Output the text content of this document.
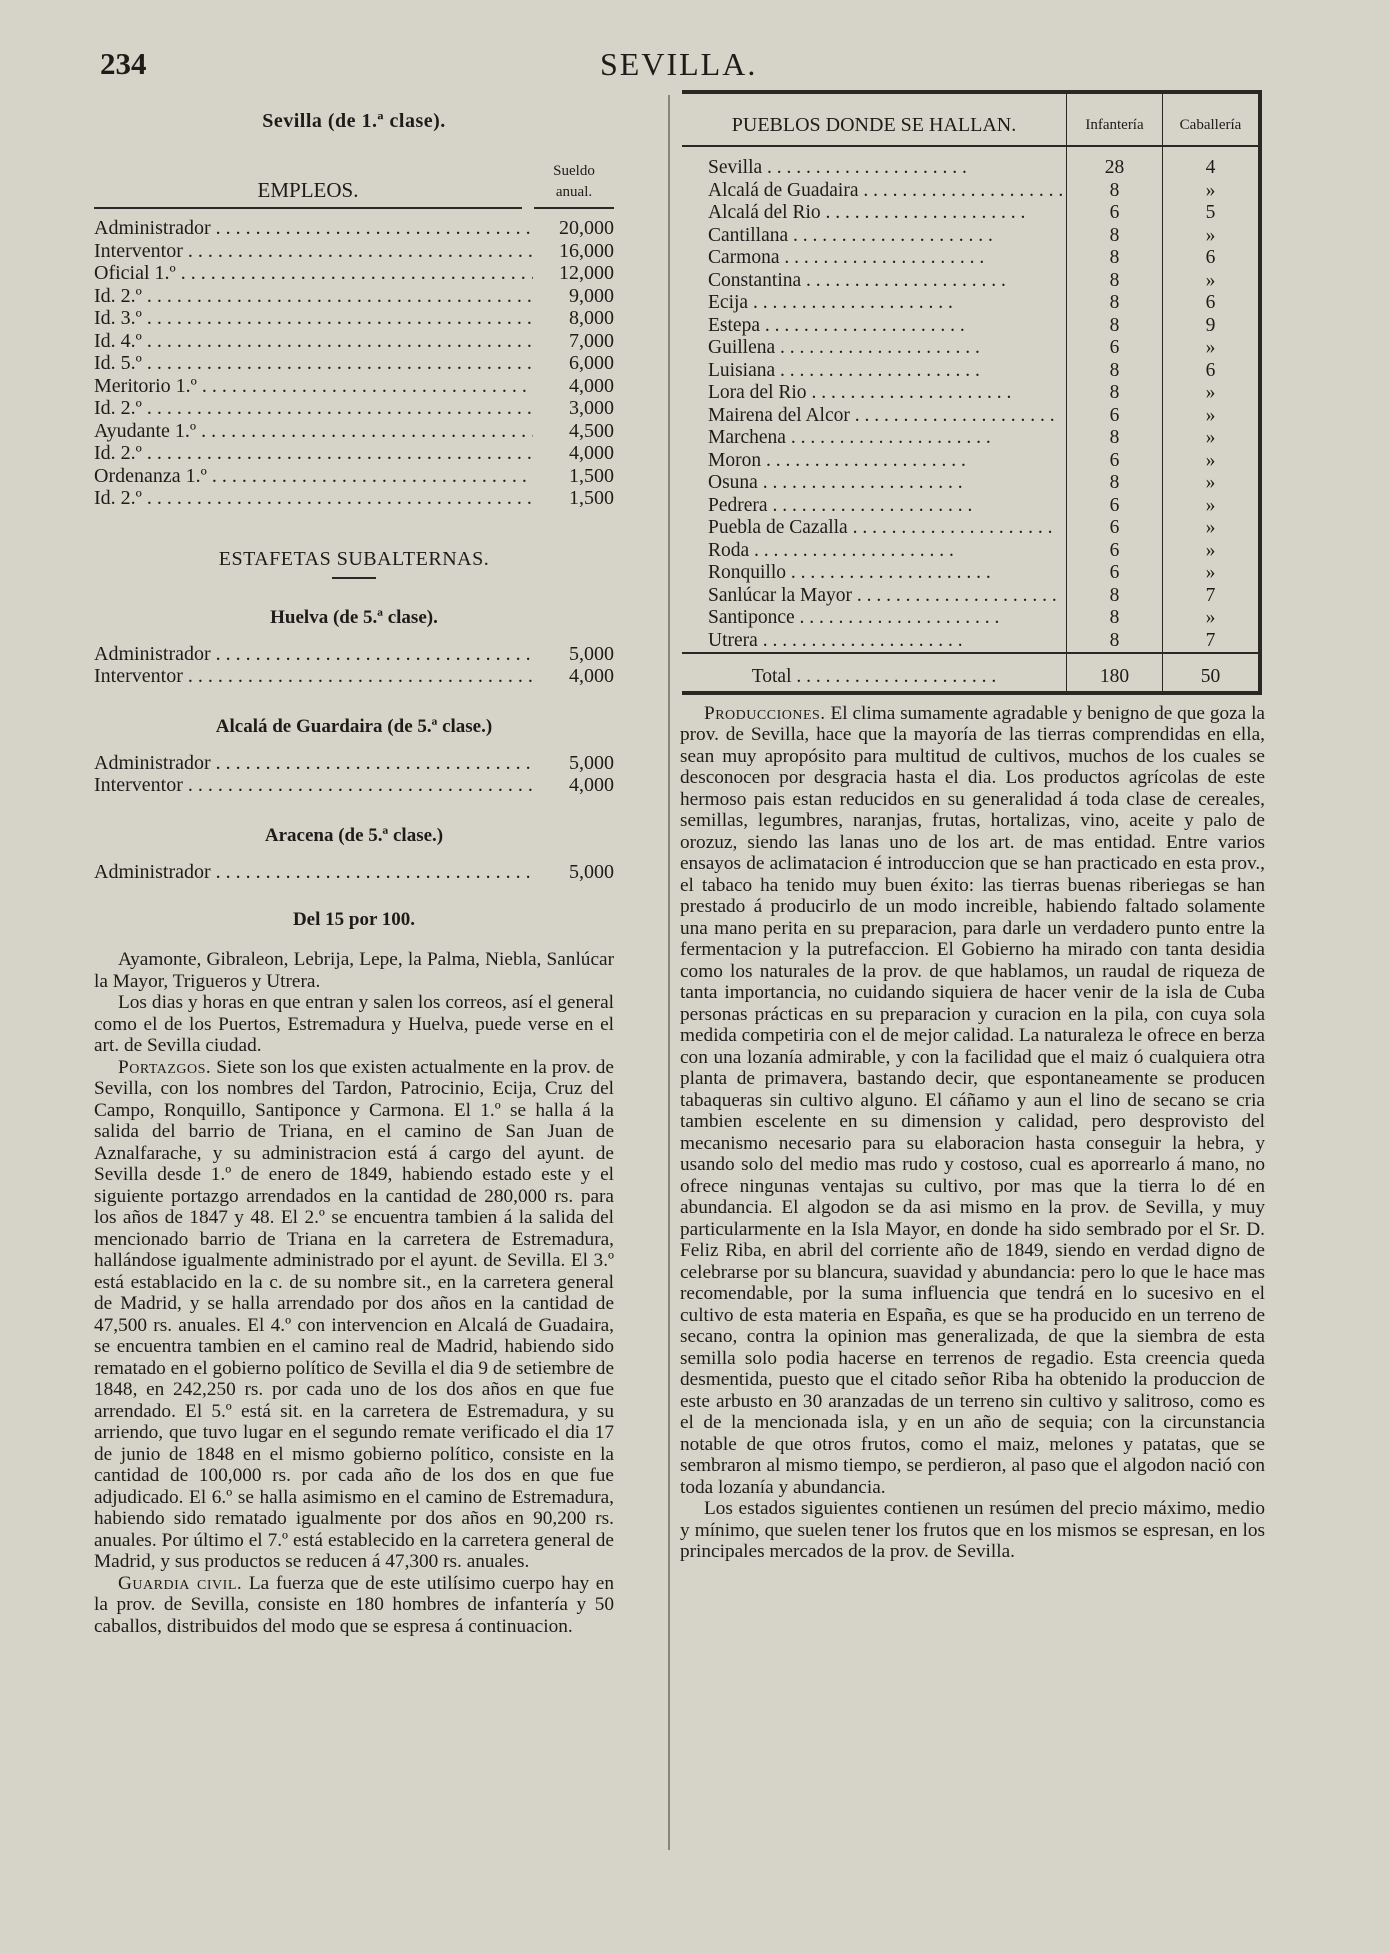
234	SEVILLA.

Sevilla (de 1.ª clase).

EMPLEOS.
Sueldo anual.
Administrador . . .	20,000
Interventor . . .	16,000
Oficial 1.º . . .	12,000
Id. 2.º . . .	9,000
Id. 3.º . . .	8,000
Id. 4.º . . .	7,000
Id. 5.º . . .	6,000
Meritorio 1.º . . .	4,000
Id. 2.º . . .	3,000
Ayudante 1.º . . .	4,500
Id. 2.º . . .	4,000
Ordenanza 1.º . . .	1,500
Id. 2.º . . .	1,500
ESTAFETAS SUBALTERNAS.

Huelva (de 5.ª clase).

Administrador . . .	5,000
Interventor . . .	4,000

Alcalá de Guardaira (de 5.ª clase.)

Administrador . . .	5,000
Interventor . . .	4,000

Aracena (de 5.ª clase.)

Administrador . . .	5,000

Del 15 por 100.

Ayamonte, Gibraleon, Lebrija, Lepe, la Palma, Niebla, Sanlúcar la Mayor, Trigueros y Utrera.

Los dias y horas en que entran y salen los correos, así el general como el de los Puertos, Estremadura y Huelva, puede verse en el art. de Sevilla ciudad.

Portazgos. Siete son los que existen actualmente en la prov. de Sevilla, con los nombres del Tardon, Patrocinio, Ecija, Cruz del Campo, Ronquillo, Santiponce y Carmona. El 1.º se halla á la salida del barrio de Triana, en el camino de San Juan de Aznalfarache, y su administracion está á cargo del ayunt. de Sevilla desde 1.º de enero de 1849, habiendo estado este y el siguiente portazgo arrendados en la cantidad de 280,000 rs. para los años de 1847 y 48. El 2.º se encuentra tambien á la salida del mencionado barrio de Triana en la carretera de Estremadura, hallándose igualmente administrado por el ayunt. de Sevilla. El 3.º está establacido en la c. de su nombre sit., en la carretera general de Madrid, y se halla arrendado por dos años en la cantidad de 47,500 rs. anuales. El 4.º con intervencion en Alcalá de Guadaira, se encuentra tambien en el camino real de Madrid, habiendo sido rematado en el gobierno político de Sevilla el dia 9 de setiembre de 1848, en 242,250 rs. por cada uno de los dos años en que fue arrendado. El 5.º está sit. en la carretera de Estremadura, y su arriendo, que tuvo lugar en el segundo remate verificado el dia 17 de junio de 1848 en el mismo gobierno político, consiste en la cantidad de 100,000 rs. por cada año de los dos en que fue adjudicado. El 6.º se halla asimismo en el camino de Estremadura, habiendo sido rematado igualmente por dos años en 90,200 rs. anuales. Por último el 7.º está establecido en la carretera general de Madrid, y sus productos se reducen á 47,300 rs. anuales.

Guardia civil. La fuerza que de este utilísimo cuerpo hay en la prov. de Sevilla, consiste en 180 hombres de infantería y 50 caballos, distribuidos del modo que se espresa á continuacion.

PUEBLOS DONDE SE HALLAN.	Infantería	Caballería
Sevilla . . .	28	4
Alcalá de Guadaira . . .	8	»
Alcalá del Rio . . .	6	5
Cantillana . . .	8	»
Carmona . . .	8	6
Constantina . . .	8	»
Ecija . . .	8	6
Estepa . . .	8	9
Guillena . . .	6	»
Luisiana . . .	8	6
Lora del Rio . . .	8	»
Mairena del Alcor . . .	6	»
Marchena . . .	8	»
Moron . . .	6	»
Osuna . . .	8	»
Pedrera . . .	6	»
Puebla de Cazalla . . .	6	»
Roda . . .	6	»
Ronquillo . . .	6	»
Sanlúcar la Mayor . . .	8	7
Santiponce . . .	8	»
Utrera . . .	8	7
Total . . .	180	50

Producciones. El clima sumamente agradable y benigno de que goza la prov. de Sevilla, hace que la mayoría de las tierras comprendidas en ella, sean muy apropósito para multitud de cultivos, muchos de los cuales se desconocen por desgracia hasta el dia. Los productos agrícolas de este hermoso pais estan reducidos en su generalidad á toda clase de cereales, semillas, legumbres, naranjas, frutas, hortalizas, vino, aceite y palo de orozuz, siendo las lanas uno de los art. de mas entidad. Entre varios ensayos de aclimatacion é introduccion que se han practicado en esta prov., el tabaco ha tenido muy buen éxito: las tierras buenas riberiegas se han prestado á producirlo de un modo increible, habiendo faltado solamente una mano perita en su preparacion, para darle un verdadero punto entre la fermentacion y la putrefaccion. El Gobierno ha mirado con tanta desidia como los naturales de la prov. de que hablamos, un raudal de riqueza de tanta importancia, no cuidando siquiera de hacer venir de la isla de Cuba personas prácticas en su preparacion y curacion en la pila, con cuya sola medida competiria con el de mejor calidad. La naturaleza le ofrece en berza con una lozanía admirable, y con la facilidad que el maiz ó cualquiera otra planta de primavera, bastando decir, que espontaneamente se producen tabaqueras sin cultivo alguno. El cáñamo y aun el lino de secano se cria tambien escelente en su dimension y calidad, pero desprovisto del mecanismo necesario para su elaboracion hasta conseguir la hebra, y usando solo del medio mas rudo y costoso, cual es aporrearlo á mano, no ofrece ningunas ventajas su cultivo, por mas que la tierra lo dé en abundancia. El algodon se da asi mismo en la prov. de Sevilla, y muy particularmente en la Isla Mayor, en donde ha sido sembrado por el Sr. D. Feliz Riba, en abril del corriente año de 1849, siendo en verdad digno de celebrarse por su blancura, suavidad y abundancia: pero lo que le hace mas recomendable, por la suma influencia que tendrá en lo sucesivo en el cultivo de esta materia en España, es que se ha producido en un terreno de secano, contra la opinion mas generalizada, de que la siembra de esta semilla solo podia hacerse en terrenos de regadio. Esta creencia queda desmentida, puesto que el citado señor Riba ha obtenido la produccion de este arbusto en 30 aranzadas de un terreno sin cultivo y salitroso, como es el de la mencionada isla, y en un año de sequia; con la circunstancia notable de que otros frutos, como el maiz, melones y patatas, que se sembraron al mismo tiempo, se perdieron, al paso que el algodon nació con toda lozanía y abundancia.

Los estados siguientes contienen un resúmen del precio máximo, medio y mínimo, que suelen tener los frutos que en los mismos se espresan, en los principales mercados de la prov. de Sevilla.
